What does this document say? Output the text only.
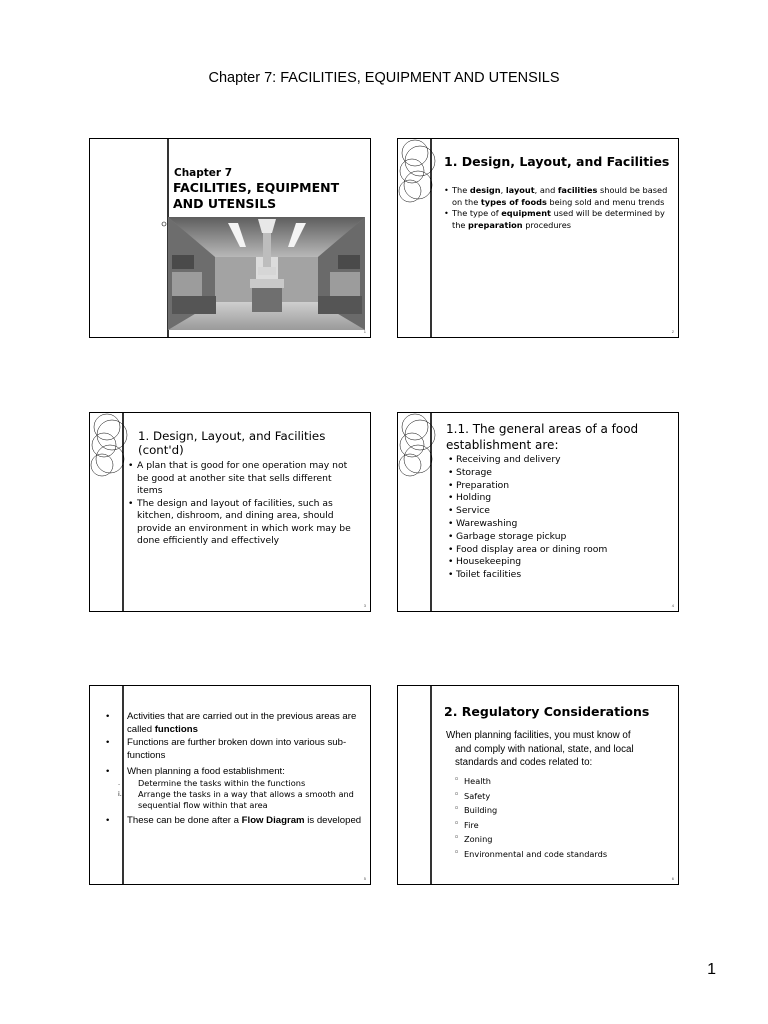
Chapter 7: FACILITIES, EQUIPMENT AND UTENSILS
Chapter 7
FACILITIES, EQUIPMENT AND UTENSILS
1
1. Design, Layout, and Facilities
• The design, layout, and facilities should be based on the types of foods being sold and menu trends
• The type of equipment used will be determined by the preparation procedures
2
1. Design, Layout, and Facilities (cont'd)
• A plan that is good for one operation may not be good at another site that sells different items
• The design and layout of facilities, such as kitchen, dishroom, and dining area, should provide an environment in which work may be done efficiently and effectively
3
1.1. The general areas of a food establishment are:
• Receiving and delivery
• Storage
• Preparation
• Holding
• Service
• Warewashing
• Garbage storage pickup
• Food display area or dining room
• Housekeeping
• Toilet facilities
4
• Activities that are carried out in the previous areas are called functions
• Functions are further broken down into various sub-functions
• When planning a food establishment:
. Determine the tasks within the functions
i. Arrange the tasks in a way that allows a smooth and sequential flow within that area
• These can be done after a Flow Diagram is developed
5
2. Regulatory Considerations
When planning facilities, you must know of
and comply with national, state, and local standards and codes related to:
◦ Health
◦ Safety
◦ Building
◦ Fire
◦ Zoning
◦ Environmental and code standards
6
1
